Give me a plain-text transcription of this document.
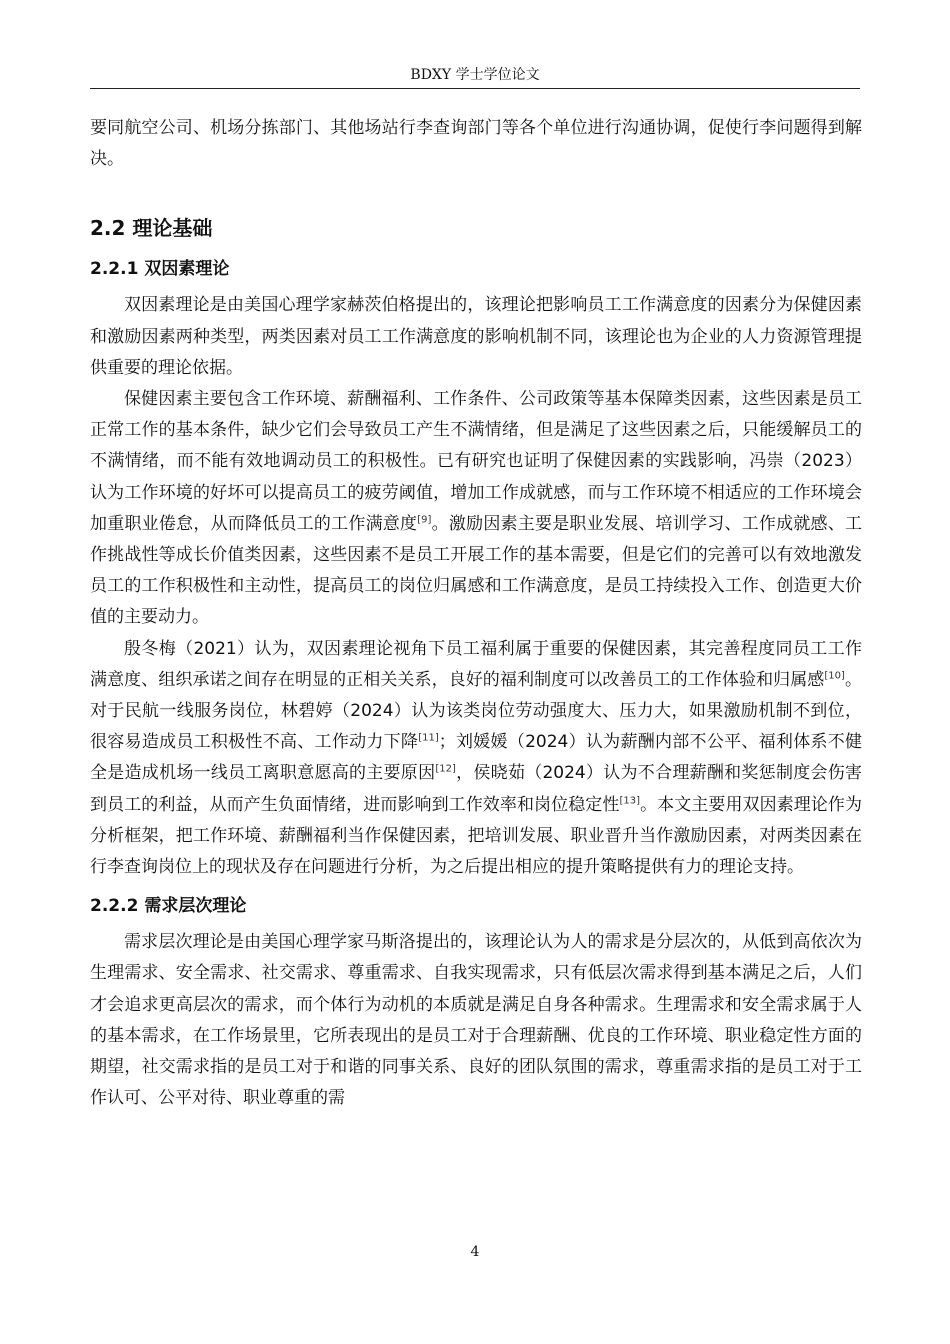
BDXY 学士学位论文

要同航空公司、机场分拣部门、其他场站行李查询部门等各个单位进行沟通协调，促使行李问题得到解决。

2.2 理论基础
2.2.1 双因素理论

双因素理论是由美国心理学家赫茨伯格提出的，该理论把影响员工工作满意度的因素分为保健因素和激励因素两种类型，两类因素对员工工作满意度的影响机制不同，该理论也为企业的人力资源管理提供重要的理论依据。

保健因素主要包含工作环境、薪酬福利、工作条件、公司政策等基本保障类因素，这些因素是员工正常工作的基本条件，缺少它们会导致员工产生不满情绪，但是满足了这些因素之后，只能缓解员工的不满情绪，而不能有效地调动员工的积极性。已有研究也证明了保健因素的实践影响，冯崇（2023）认为工作环境的好坏可以提高员工的疲劳阈值，增加工作成就感，而与工作环境不相适应的工作环境会加重职业倦怠，从而降低员工的工作满意度[9]。激励因素主要是职业发展、培训学习、工作成就感、工作挑战性等成长价值类因素，这些因素不是员工开展工作的基本需要，但是它们的完善可以有效地激发员工的工作积极性和主动性，提高员工的岗位归属感和工作满意度，是员工持续投入工作、创造更大价值的主要动力。

殷冬梅（2021）认为，双因素理论视角下员工福利属于重要的保健因素，其完善程度同员工工作满意度、组织承诺之间存在明显的正相关关系，良好的福利制度可以改善员工的工作体验和归属感[10]。对于民航一线服务岗位，林碧婷（2024）认为该类岗位劳动强度大、压力大，如果激励机制不到位，很容易造成员工积极性不高、工作动力下降[11]；刘媛媛（2024）认为薪酬内部不公平、福利体系不健全是造成机场一线员工离职意愿高的主要原因[12]，侯晓茹（2024）认为不合理薪酬和奖惩制度会伤害到员工的利益，从而产生负面情绪，进而影响到工作效率和岗位稳定性[13]。本文主要用双因素理论作为分析框架，把工作环境、薪酬福利当作保健因素，把培训发展、职业晋升当作激励因素，对两类因素在行李查询岗位上的现状及存在问题进行分析，为之后提出相应的提升策略提供有力的理论支持。

2.2.2 需求层次理论

需求层次理论是由美国心理学家马斯洛提出的，该理论认为人的需求是分层次的，从低到高依次为生理需求、安全需求、社交需求、尊重需求、自我实现需求，只有低层次需求得到基本满足之后，人们才会追求更高层次的需求，而个体行为动机的本质就是满足自身各种需求。生理需求和安全需求属于人的基本需求，在工作场景里，它所表现出的是员工对于合理薪酬、优良的工作环境、职业稳定性方面的期望，社交需求指的是员工对于和谐的同事关系、良好的团队氛围的需求，尊重需求指的是员工对于工作认可、公平对待、职业尊重的需

4
